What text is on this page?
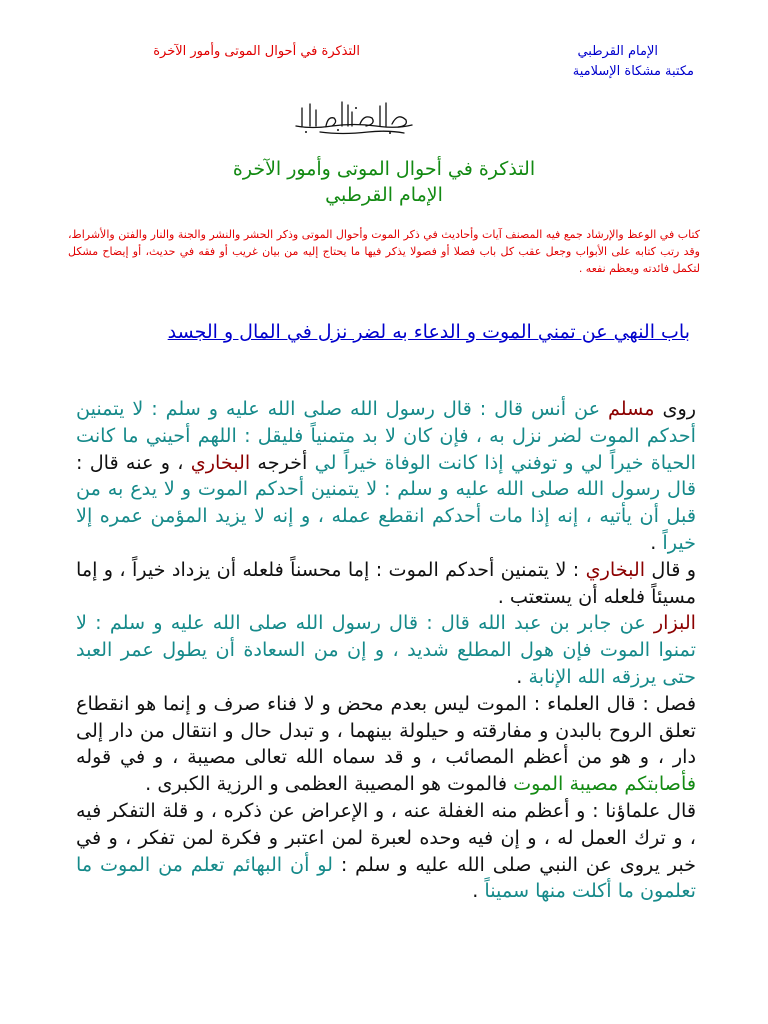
الإمام القرطبي
مكتبة مشكاة الإسلامية
التذكرة في أحوال الموتى وأمور الآخرة
التذكرة في أحوال الموتى وأمور الآخرة
الإمام القرطبي
كتاب في الوعظ والإرشاد جمع فيه المصنف آيات وأحاديث في ذكر الموت وأحوال الموتى وذكر الحشر والنشر والجنة والنار والفتن والأشراط، وقد رتب كتابه على الأبواب وجعل عقب كل باب فصلا أو فصولا يذكر فيها ما يحتاج إليه من بيان غريب أو فقه في حديث، أو إيضاح مشكل لتكمل فائدته ويعظم نفعه .
باب النهي عن تمني الموت و الدعاء به لضر نزل في المال و الجسد
روى مسلم عن أنس قال : قال رسول الله صلى الله عليه و سلم : لا يتمنين أحدكم الموت لضر نزل به ، فإن كان لا بد متمنياً فليقل : اللهم أحيني ما كانت الحياة خيراً لي و توفني إذا كانت الوفاة خيراً لي أخرجه البخاري ، و عنه قال : قال رسول الله صلى الله عليه و سلم : لا يتمنين أحدكم الموت و لا يدع به من قبل أن يأتيه ، إنه إذا مات أحدكم انقطع عمله ، و إنه لا يزيد المؤمن عمره إلا خيراً .
و قال البخاري : لا يتمنين أحدكم الموت : إما محسناً فلعله أن يزداد خيراً ، و إما مسيئاً فلعله أن يستعتب .
البزار عن جابر بن عبد الله قال : قال رسول الله صلى الله عليه و سلم : لا تمنوا الموت فإن هول المطلع شديد ، و إن من السعادة أن يطول عمر العبد حتى يرزقه الله الإنابة .
فصل : قال العلماء : الموت ليس بعدم محض و لا فناء صرف و إنما هو انقطاع تعلق الروح بالبدن و مفارقته و حيلولة بينهما ، و تبدل حال و انتقال من دار إلى دار ، و هو من أعظم المصائب ، و قد سماه الله تعالى مصيبة ، و في قوله فأصابتكم مصيبة الموت فالموت هو المصيبة العظمى و الرزية الكبرى .
قال علماؤنا : و أعظم منه الغفلة عنه ، و الإعراض عن ذكره ، و قلة التفكر فيه ، و ترك العمل له ، و إن فيه وحده لعبرة لمن اعتبر و فكرة لمن تفكر ، و في خبر يروى عن النبي صلى الله عليه و سلم : لو أن البهائم تعلم من الموت ما تعلمون ما أكلت منها سميناً .
